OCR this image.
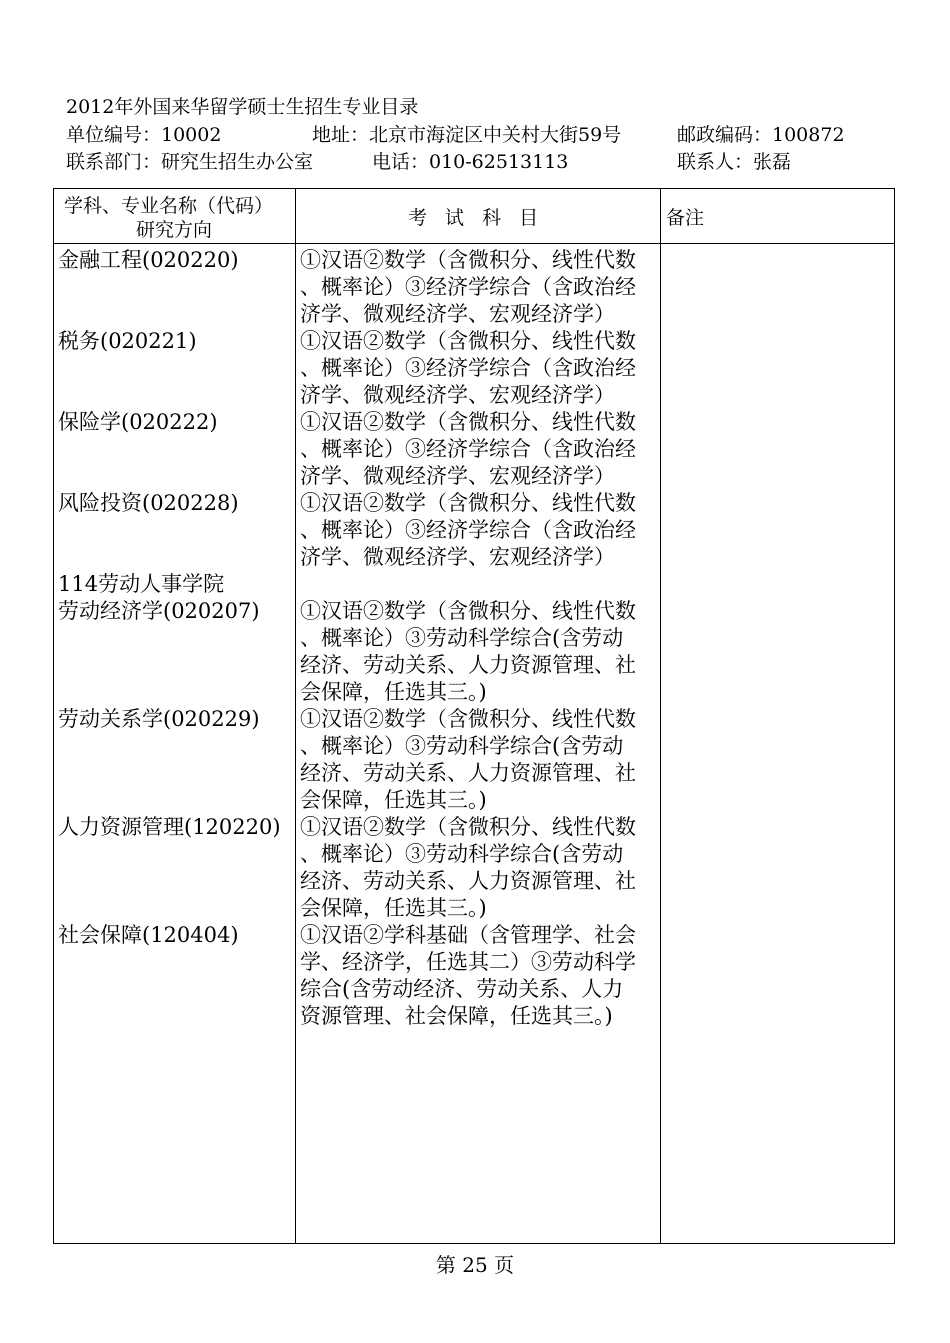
2012年外国来华留学硕士生招生专业目录
单位编号：10002	地址：北京市海淀区中关村大街59号	邮政编码：100872
联系部门：研究生招生办公室	电话：010-62513113	联系人：张磊
学科、专业名称（代码）
研究方向
考 试 科 目	备注
金融工程(020220)	①汉语②数学（含微积分、线性代数
、概率论）③经济学综合（含政治经
济学、微观经济学、宏观经济学）
税务(020221)	①汉语②数学（含微积分、线性代数
、概率论）③经济学综合（含政治经
济学、微观经济学、宏观经济学）
保险学(020222)	①汉语②数学（含微积分、线性代数
、概率论）③经济学综合（含政治经
济学、微观经济学、宏观经济学）
风险投资(020228)	①汉语②数学（含微积分、线性代数
、概率论）③经济学综合（含政治经
济学、微观经济学、宏观经济学）
114劳动人事学院
劳动经济学(020207) ①汉语②数学（含微积分、线性代数
、概率论）③劳动科学综合(含劳动
经济、劳动关系、人力资源管理、社
会保障，任选其三。)
劳动关系学(020229) ①汉语②数学（含微积分、线性代数
、概率论）③劳动科学综合(含劳动
经济、劳动关系、人力资源管理、社
会保障，任选其三。)
人力资源管理(120220) ①汉语②数学（含微积分、线性代数
、概率论）③劳动科学综合(含劳动
经济、劳动关系、人力资源管理、社
会保障，任选其三。)
社会保障(120404)	①汉语②学科基础（含管理学、社会
学、经济学，任选其二）③劳动科学
综合(含劳动经济、劳动关系、人力
资源管理、社会保障，任选其三。)
第 25 页
